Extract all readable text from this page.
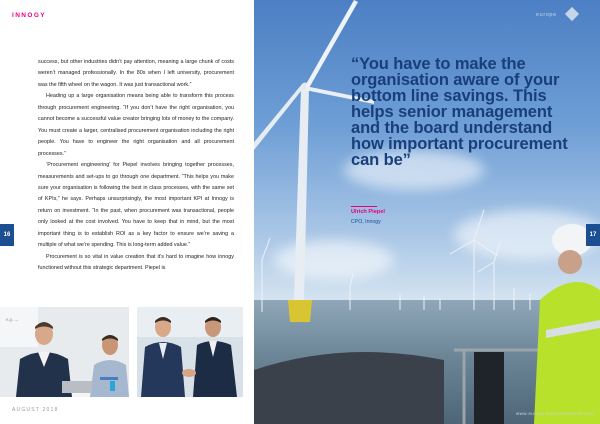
INNOGY

success, but other industries didn’t pay attention, meaning a large chunk of costs weren’t managed professionally. In the 80s when I left university, procurement was the fifth wheel on the wagon. It was just transactional work.”

Heading up a large organisation means being able to transform this process through procurement engineering. “If you don’t have the right organisation, you cannot become a successful value creator bringing lots of money to the company. You must create a larger, centralised procurement organisation including the right people. You have to engineer the right organisation and all procurement processes.”

‘Procurement engineering’ for Piepel involves bringing together processes, measurements and set-ups to go through one department. “This helps you make sure your organisation is following the best in class processes, with the same set of KPIs,” he says. Perhaps unsurprisingly, the most important KPI at Innogy is return on investment. “In the past, when procurement was transactional, people only looked at the cost involved. You have to keep that in mind, but the most important thing is to establish ROI as a key factor to ensure we’re saving a multiple of what we’re spending. This is long-term added value.”

Procurement is so vital in value creation that it’s hard to imagine how innogy functioned without this strategic department. Piepel is

e.g. ...
AUGUST 2018
16
europe
“You have to make the organisation aware of your bottom line savings. This helps senior management and the board understand how important procurement can be”
Ulrich Piepel
CPO, Innogy
www.europe-businessreview.com
17
